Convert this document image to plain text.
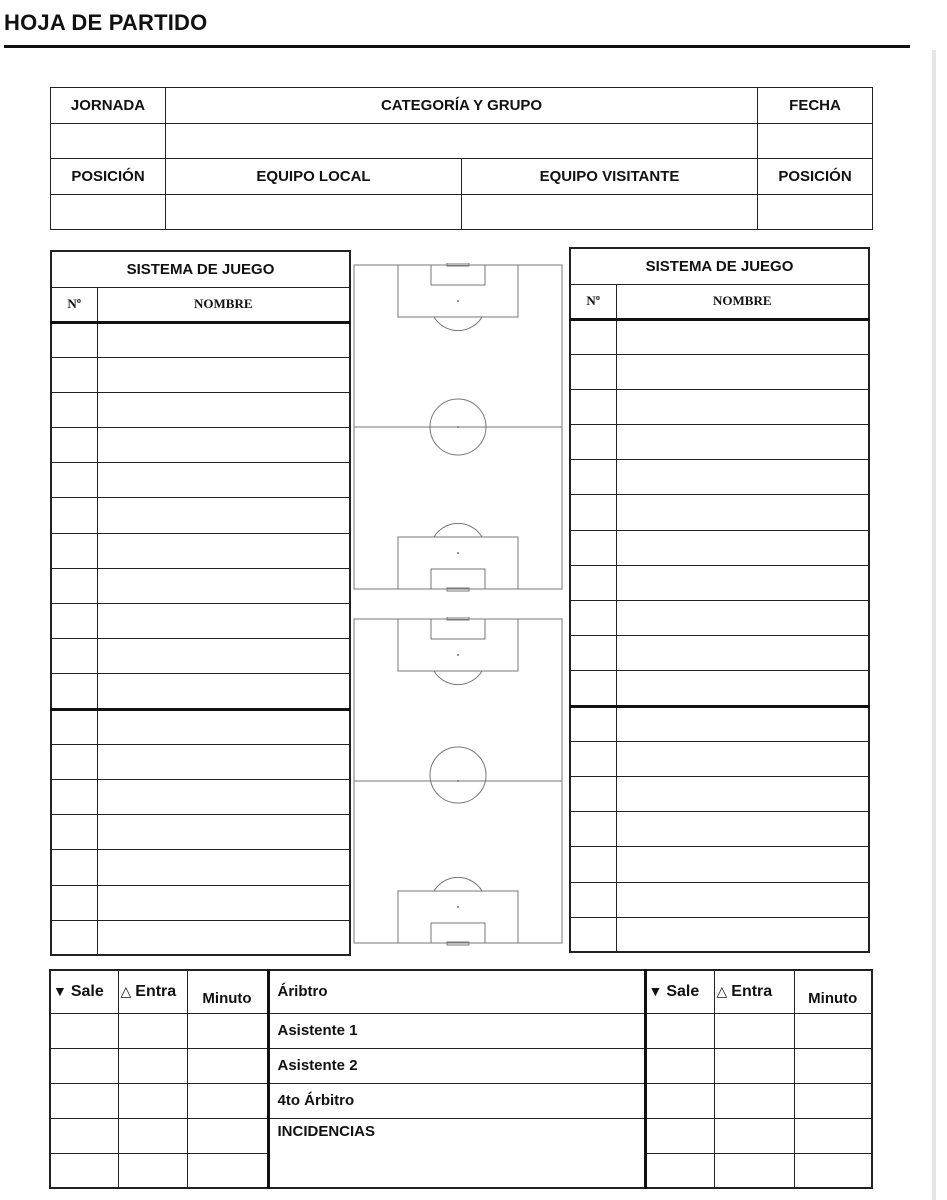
HOJA DE PARTIDO
JORNADA	CATEGORÍA Y GRUPO		FECHA

POSICIÓN	EQUIPO LOCAL	EQUIPO VISITANTE	POSICIÓN

SISTEMA DE JUEGO	
Nº	NOMBRE

SISTEMA DE JUEGO	
Nº	NOMBRE

▼ Sale	△ Entra	Minuto	Áribtro	▼ Sale	△ Entra	Minuto
			Asistente 1			
			Asistente 2			
			4to Árbitro			
			INCIDENCIAS			
